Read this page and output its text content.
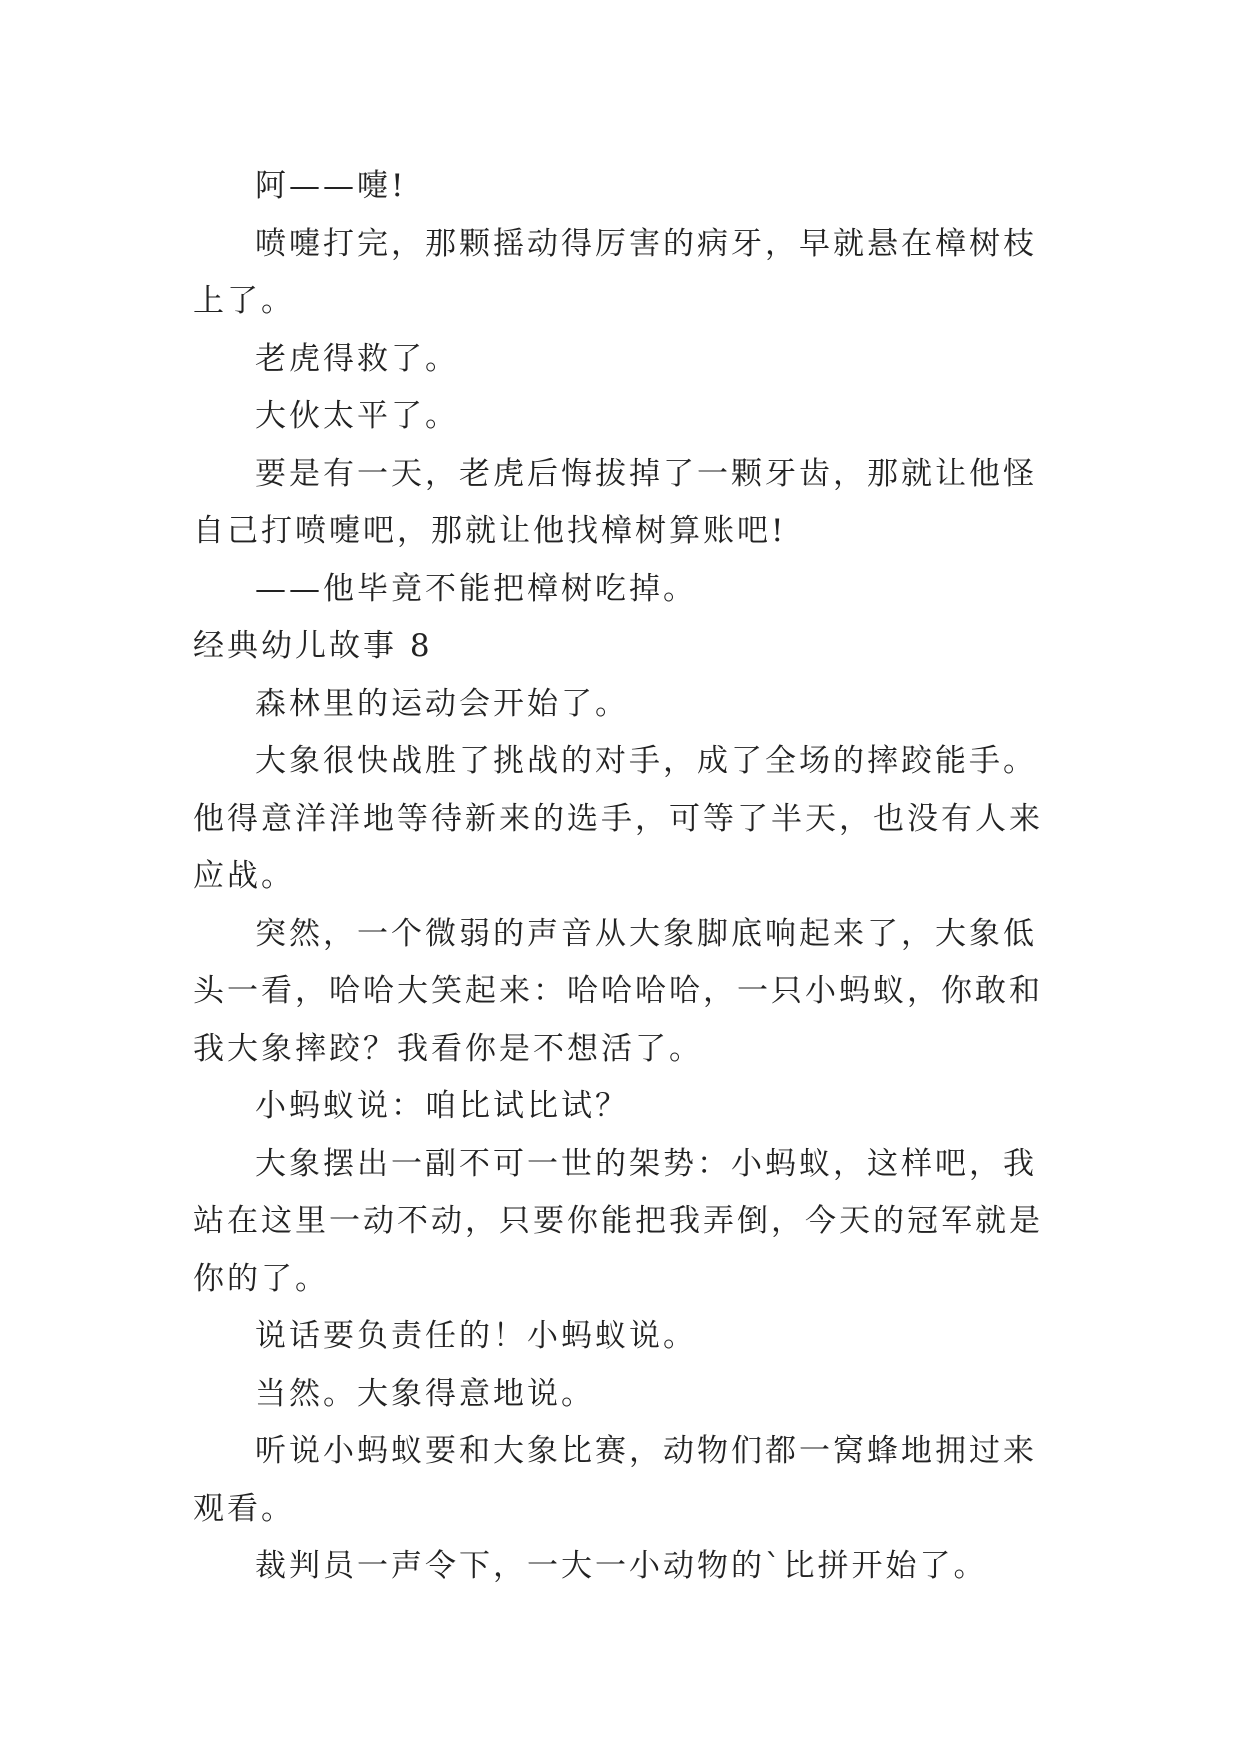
阿——嚏!

喷嚏打完，那颗摇动得厉害的病牙，早就悬在樟树枝上了。

老虎得救了。

大伙太平了。

要是有一天，老虎后悔拔掉了一颗牙齿，那就让他怪自己打喷嚏吧，那就让他找樟树算账吧!

——他毕竟不能把樟树吃掉。

经典幼儿故事 8

森林里的运动会开始了。

大象很快战胜了挑战的对手，成了全场的摔跤能手。他得意洋洋地等待新来的选手，可等了半天，也没有人来应战。

突然，一个微弱的声音从大象脚底响起来了，大象低头一看，哈哈大笑起来：哈哈哈哈，一只小蚂蚁，你敢和我大象摔跤？我看你是不想活了。

小蚂蚁说：咱比试比试？

大象摆出一副不可一世的架势：小蚂蚁，这样吧，我站在这里一动不动，只要你能把我弄倒，今天的冠军就是你的了。

说话要负责任的！小蚂蚁说。

当然。大象得意地说。

听说小蚂蚁要和大象比赛，动物们都一窝蜂地拥过来观看。

裁判员一声令下，一大一小动物的`比拼开始了。
